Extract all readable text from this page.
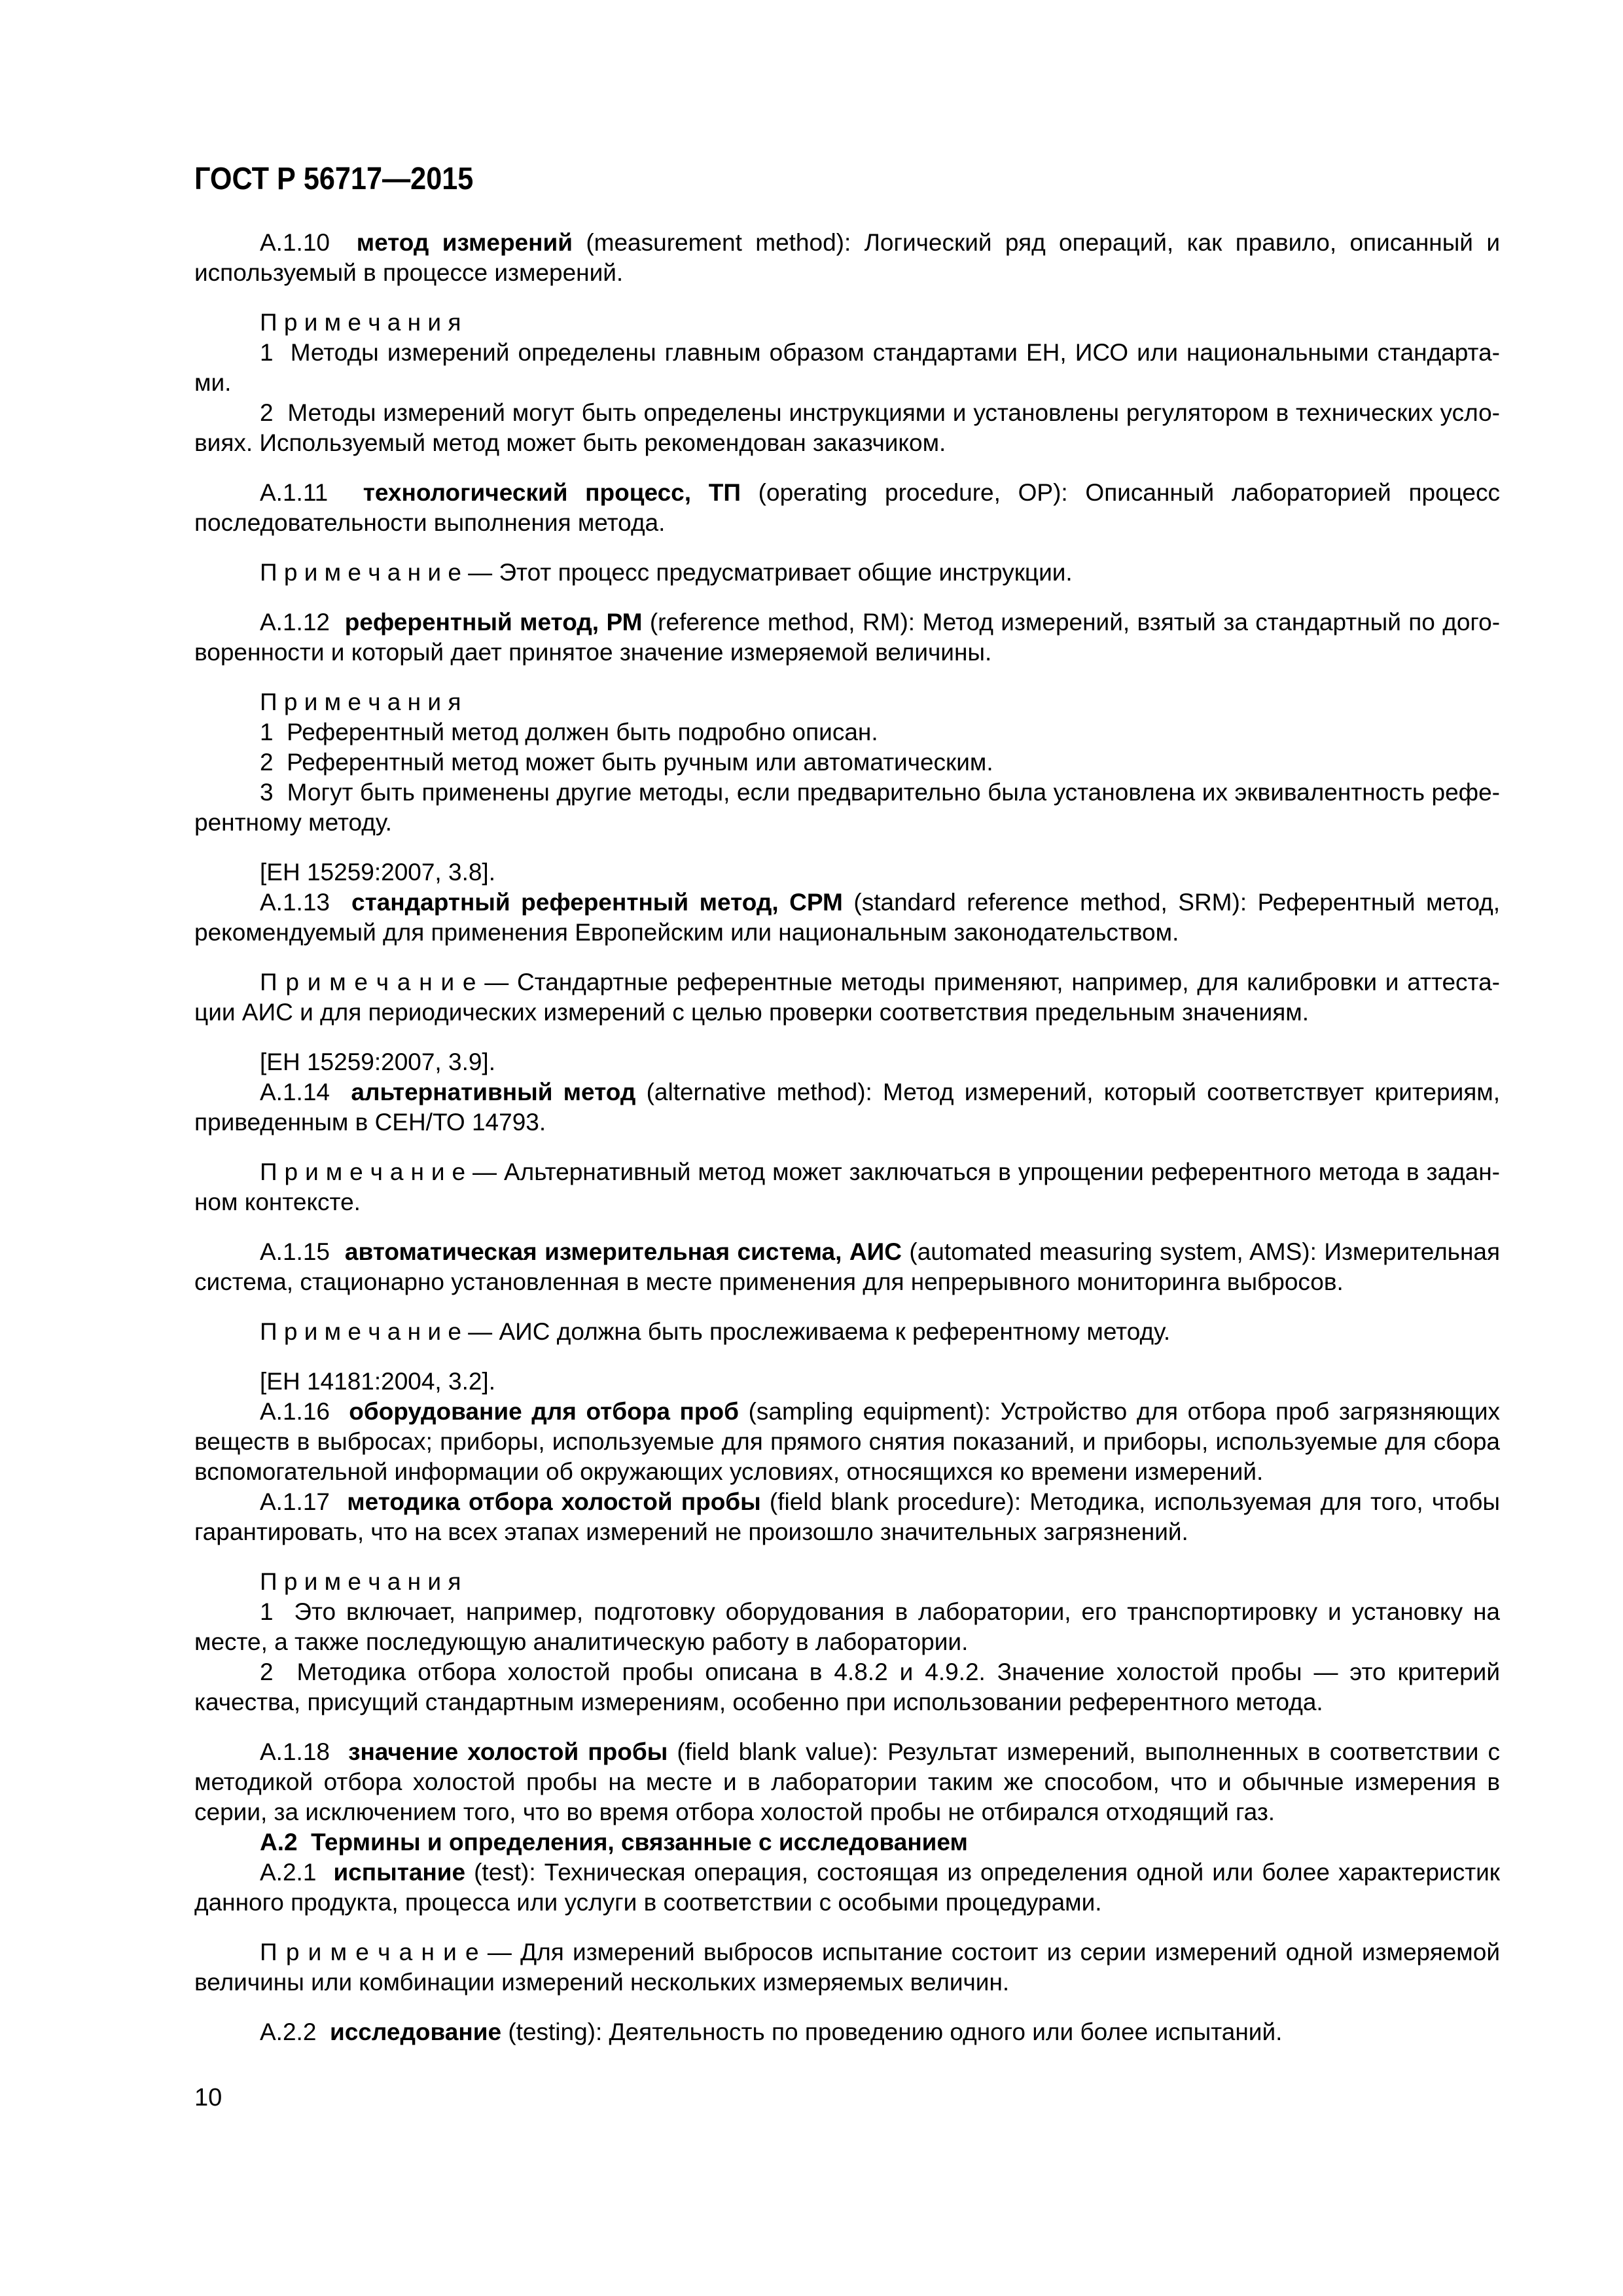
ГОСТ Р 56717—2015

А.1.10  метод измерений (measurement method): Логический ряд операций, как правило, описанный и используемый в процессе измерений.

П р и м е ч а н и я

1  Методы измерений определены главным образом стандартами ЕН, ИСО или национальными стандартами.

2  Методы измерений могут быть определены инструкциями и установлены регулятором в технических условиях. Используемый метод может быть рекомендован заказчиком.

А.1.11  технологический процесс, ТП (operating procedure, OP): Описанный лабораторией процесс последовательности выполнения метода.

П р и м е ч а н и е — Этот процесс предусматривает общие инструкции.

А.1.12  референтный метод, РМ (reference method, RM): Метод измерений, взятый за стандартный по договоренности и который дает принятое значение измеряемой величины.

П р и м е ч а н и я

1  Референтный метод должен быть подробно описан.

2  Референтный метод может быть ручным или автоматическим.

3  Могут быть применены другие методы, если предварительно была установлена их эквивалентность референтному методу.

[ЕН 15259:2007, 3.8].

А.1.13  стандартный референтный метод, СРМ (standard reference method, SRM): Референтный метод, рекомендуемый для применения Европейским или национальным законодательством.

П р и м е ч а н и е — Стандартные референтные методы применяют, например, для калибровки и аттестации АИС и для периодических измерений с целью проверки соответствия предельным значениям.

[ЕН 15259:2007, 3.9].

А.1.14  альтернативный метод (alternative method): Метод измерений, который соответствует критериям, приведенным в СЕН/ТО 14793.

П р и м е ч а н и е — Альтернативный метод может заключаться в упрощении референтного метода в заданном контексте.

А.1.15  автоматическая измерительная система, АИС (automated measuring system, AMS): Измерительная система, стационарно установленная в месте применения для непрерывного мониторинга выбросов.

П р и м е ч а н и е — АИС должна быть прослеживаема к референтному методу.

[ЕН 14181:2004, 3.2].

А.1.16  оборудование для отбора проб (sampling equipment): Устройство для отбора проб загрязняющих веществ в выбросах; приборы, используемые для прямого снятия показаний, и приборы, используемые для сбора вспомогательной информации об окружающих условиях, относящихся ко времени измерений.

А.1.17  методика отбора холостой пробы (field blank procedure): Методика, используемая для того, чтобы гарантировать, что на всех этапах измерений не произошло значительных загрязнений.

П р и м е ч а н и я

1  Это включает, например, подготовку оборудования в лаборатории, его транспортировку и установку на месте, а также последующую аналитическую работу в лаборатории.

2  Методика отбора холостой пробы описана в 4.8.2 и 4.9.2. Значение холостой пробы — это критерий качества, присущий стандартным измерениям, особенно при использовании референтного метода.

А.1.18  значение холостой пробы (field blank value): Результат измерений, выполненных в соответствии с методикой отбора холостой пробы на месте и в лаборатории таким же способом, что и обычные измерения в серии, за исключением того, что во время отбора холостой пробы не отбирался отходящий газ.

А.2  Термины и определения, связанные с исследованием

А.2.1  испытание (test): Техническая операция, состоящая из определения одной или более характеристик данного продукта, процесса или услуги в соответствии с особыми процедурами.

П р и м е ч а н и е — Для измерений выбросов испытание состоит из серии измерений одной измеряемой величины или комбинации измерений нескольких измеряемых величин.

А.2.2  исследование (testing): Деятельность по проведению одного или более испытаний.

10
